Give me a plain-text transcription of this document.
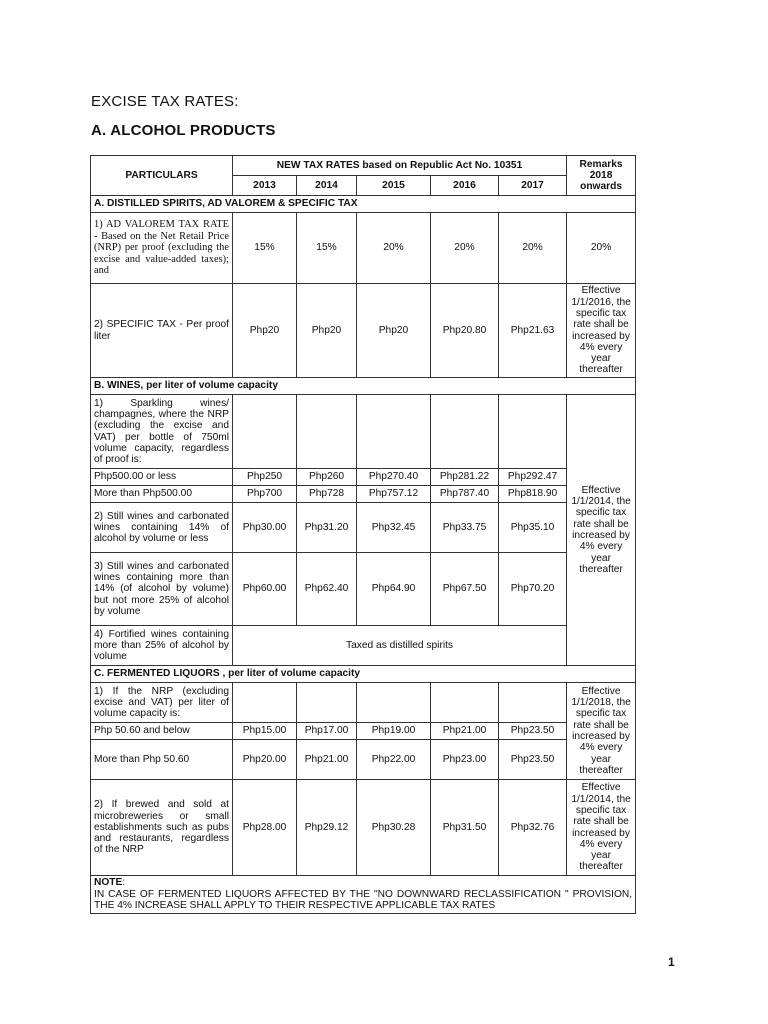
EXCISE TAX RATES:
A. ALCOHOL PRODUCTS
PARTICULARS	NEW TAX RATES based on Republic Act No. 10351					Remarks 2018 onwards
	2013	2014	2015	2016	2017	
A. DISTILLED SPIRITS, AD VALOREM & SPECIFIC TAX						
1) AD VALOREM TAX RATE - Based on the Net Retail Price (NRP) per proof (excluding the excise and value-added taxes); and	15%	15%	20%	20%	20%	20%
2) SPECIFIC TAX - Per proof liter	Php20	Php20	Php20	Php20.80	Php21.63	Effective 1/1/2016, the specific tax rate shall be increased by 4% every year thereafter
B. WINES, per liter of volume capacity						
1) Sparkling wines/ champagnes, where the NRP (excluding the excise and VAT) per bottle of 750ml volume capacity, regardless of proof is:						Effective 1/1/2014, the specific tax rate shall be increased by 4% every year thereafter
Php500.00 or less	Php250	Php260	Php270.40	Php281.22	Php292.47	
More than Php500.00	Php700	Php728	Php757.12	Php787.40	Php818.90	
2) Still wines and carbonated wines containing 14% of alcohol by volume or less	Php30.00	Php31.20	Php32.45	Php33.75	Php35.10	
3) Still wines and carbonated wines containing more than 14% (of alcohol by volume) but not more 25% of alcohol by volume	Php60.00	Php62.40	Php64.90	Php67.50	Php70.20	
4) Fortified wines containing more than 25% of alcohol by volume	Taxed as distilled spirits					
C. FERMENTED LIQUORS , per liter of volume capacity						
1) If the NRP (excluding excise and VAT) per liter of volume capacity is:						Effective 1/1/2018, the specific tax rate shall be increased by 4% every year thereafter
Php 50.60 and below	Php15.00	Php17.00	Php19.00	Php21.00	Php23.50	
More than Php 50.60	Php20.00	Php21.00	Php22.00	Php23.00	Php23.50	
2) If brewed and sold at microbreweries or small establishments such as pubs and restaurants, regardless of the NRP	Php28.00	Php29.12	Php30.28	Php31.50	Php32.76	Effective 1/1/2014, the specific tax rate shall be increased by 4% every year thereafter
NOTE:
IN CASE OF FERMENTED LIQUORS AFFECTED BY THE "NO DOWNWARD RECLASSIFICATION " PROVISION, THE 4% INCREASE SHALL APPLY TO THEIR RESPECTIVE APPLICABLE TAX RATES						
1
